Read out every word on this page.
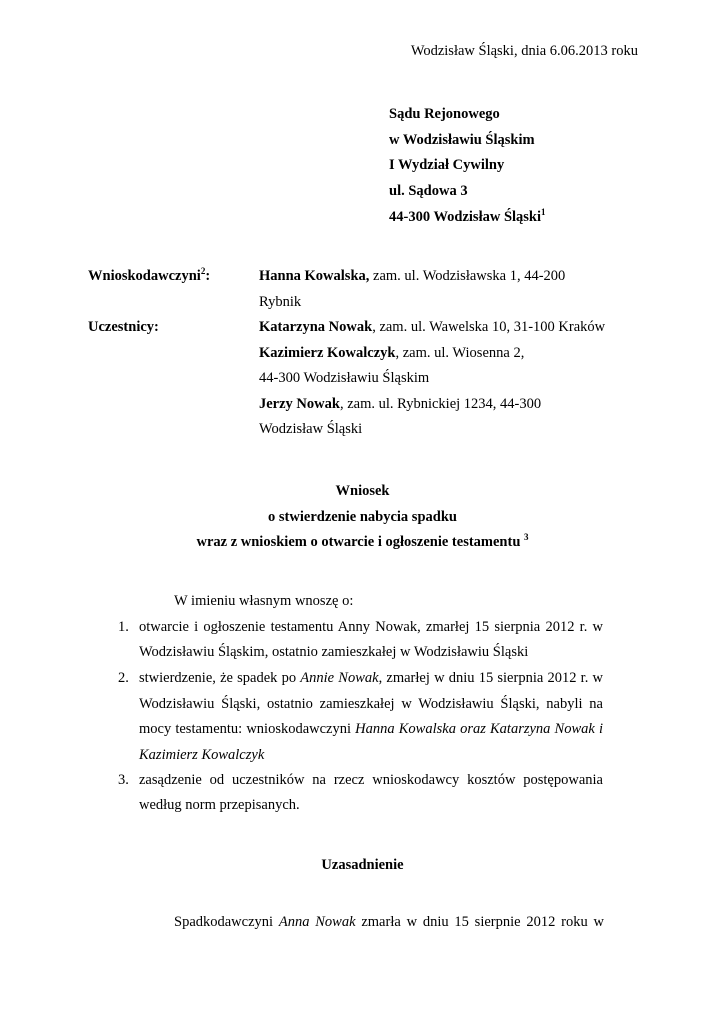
Wodzisław Śląski, dnia 6.06.2013 roku
Sądu Rejonowego
w Wodzisławiu Śląskim
I Wydział Cywilny
ul. Sądowa 3
44-300 Wodzisław Śląski$^1$
Wnioskodawczyni$^2$:	Hanna Kowalska, zam. ul. Wodzisławska 1, 44-200
Rybnik
Uczestnicy:	Katarzyna Nowak, zam. ul. Wawelska 10, 31-100 Kraków
Kazimierz Kowalczyk, zam. ul. Wiosenna 2,
44-300 Wodzisławiu Śląskim
Jerzy Nowak, zam. ul. Rybnickiej 1234, 44-300
Wodzisław Śląski
Wniosek
o stwierdzenie nabycia spadku
wraz z wnioskiem o otwarcie i ogłoszenie testamentu $^3$
W imieniu własnym wnoszę o:
1. otwarcie i ogłoszenie testamentu Anny Nowak, zmarłej 15 sierpnia 2012 r. w
Wodzisławiu Śląskim, ostatnio zamieszkałej w Wodzisławiu Śląski
2. stwierdzenie, że spadek po Annie Nowak, zmarłej w dniu 15 sierpnia 2012 r. w
Wodzisławiu Śląski, ostatnio zamieszkałej w Wodzisławiu Śląski, nabyli na
mocy testamentu: wnioskodawczyni Hanna Kowalska oraz Katarzyna Nowak i
Kazimierz Kowalczyk
3. zasądzenie od uczestników na rzecz wnioskodawcy kosztów postępowania
według norm przepisanych.
Uzasadnienie
Spadkodawczyni Anna Nowak zmarła w dniu 15 sierpnie 2012 roku w
